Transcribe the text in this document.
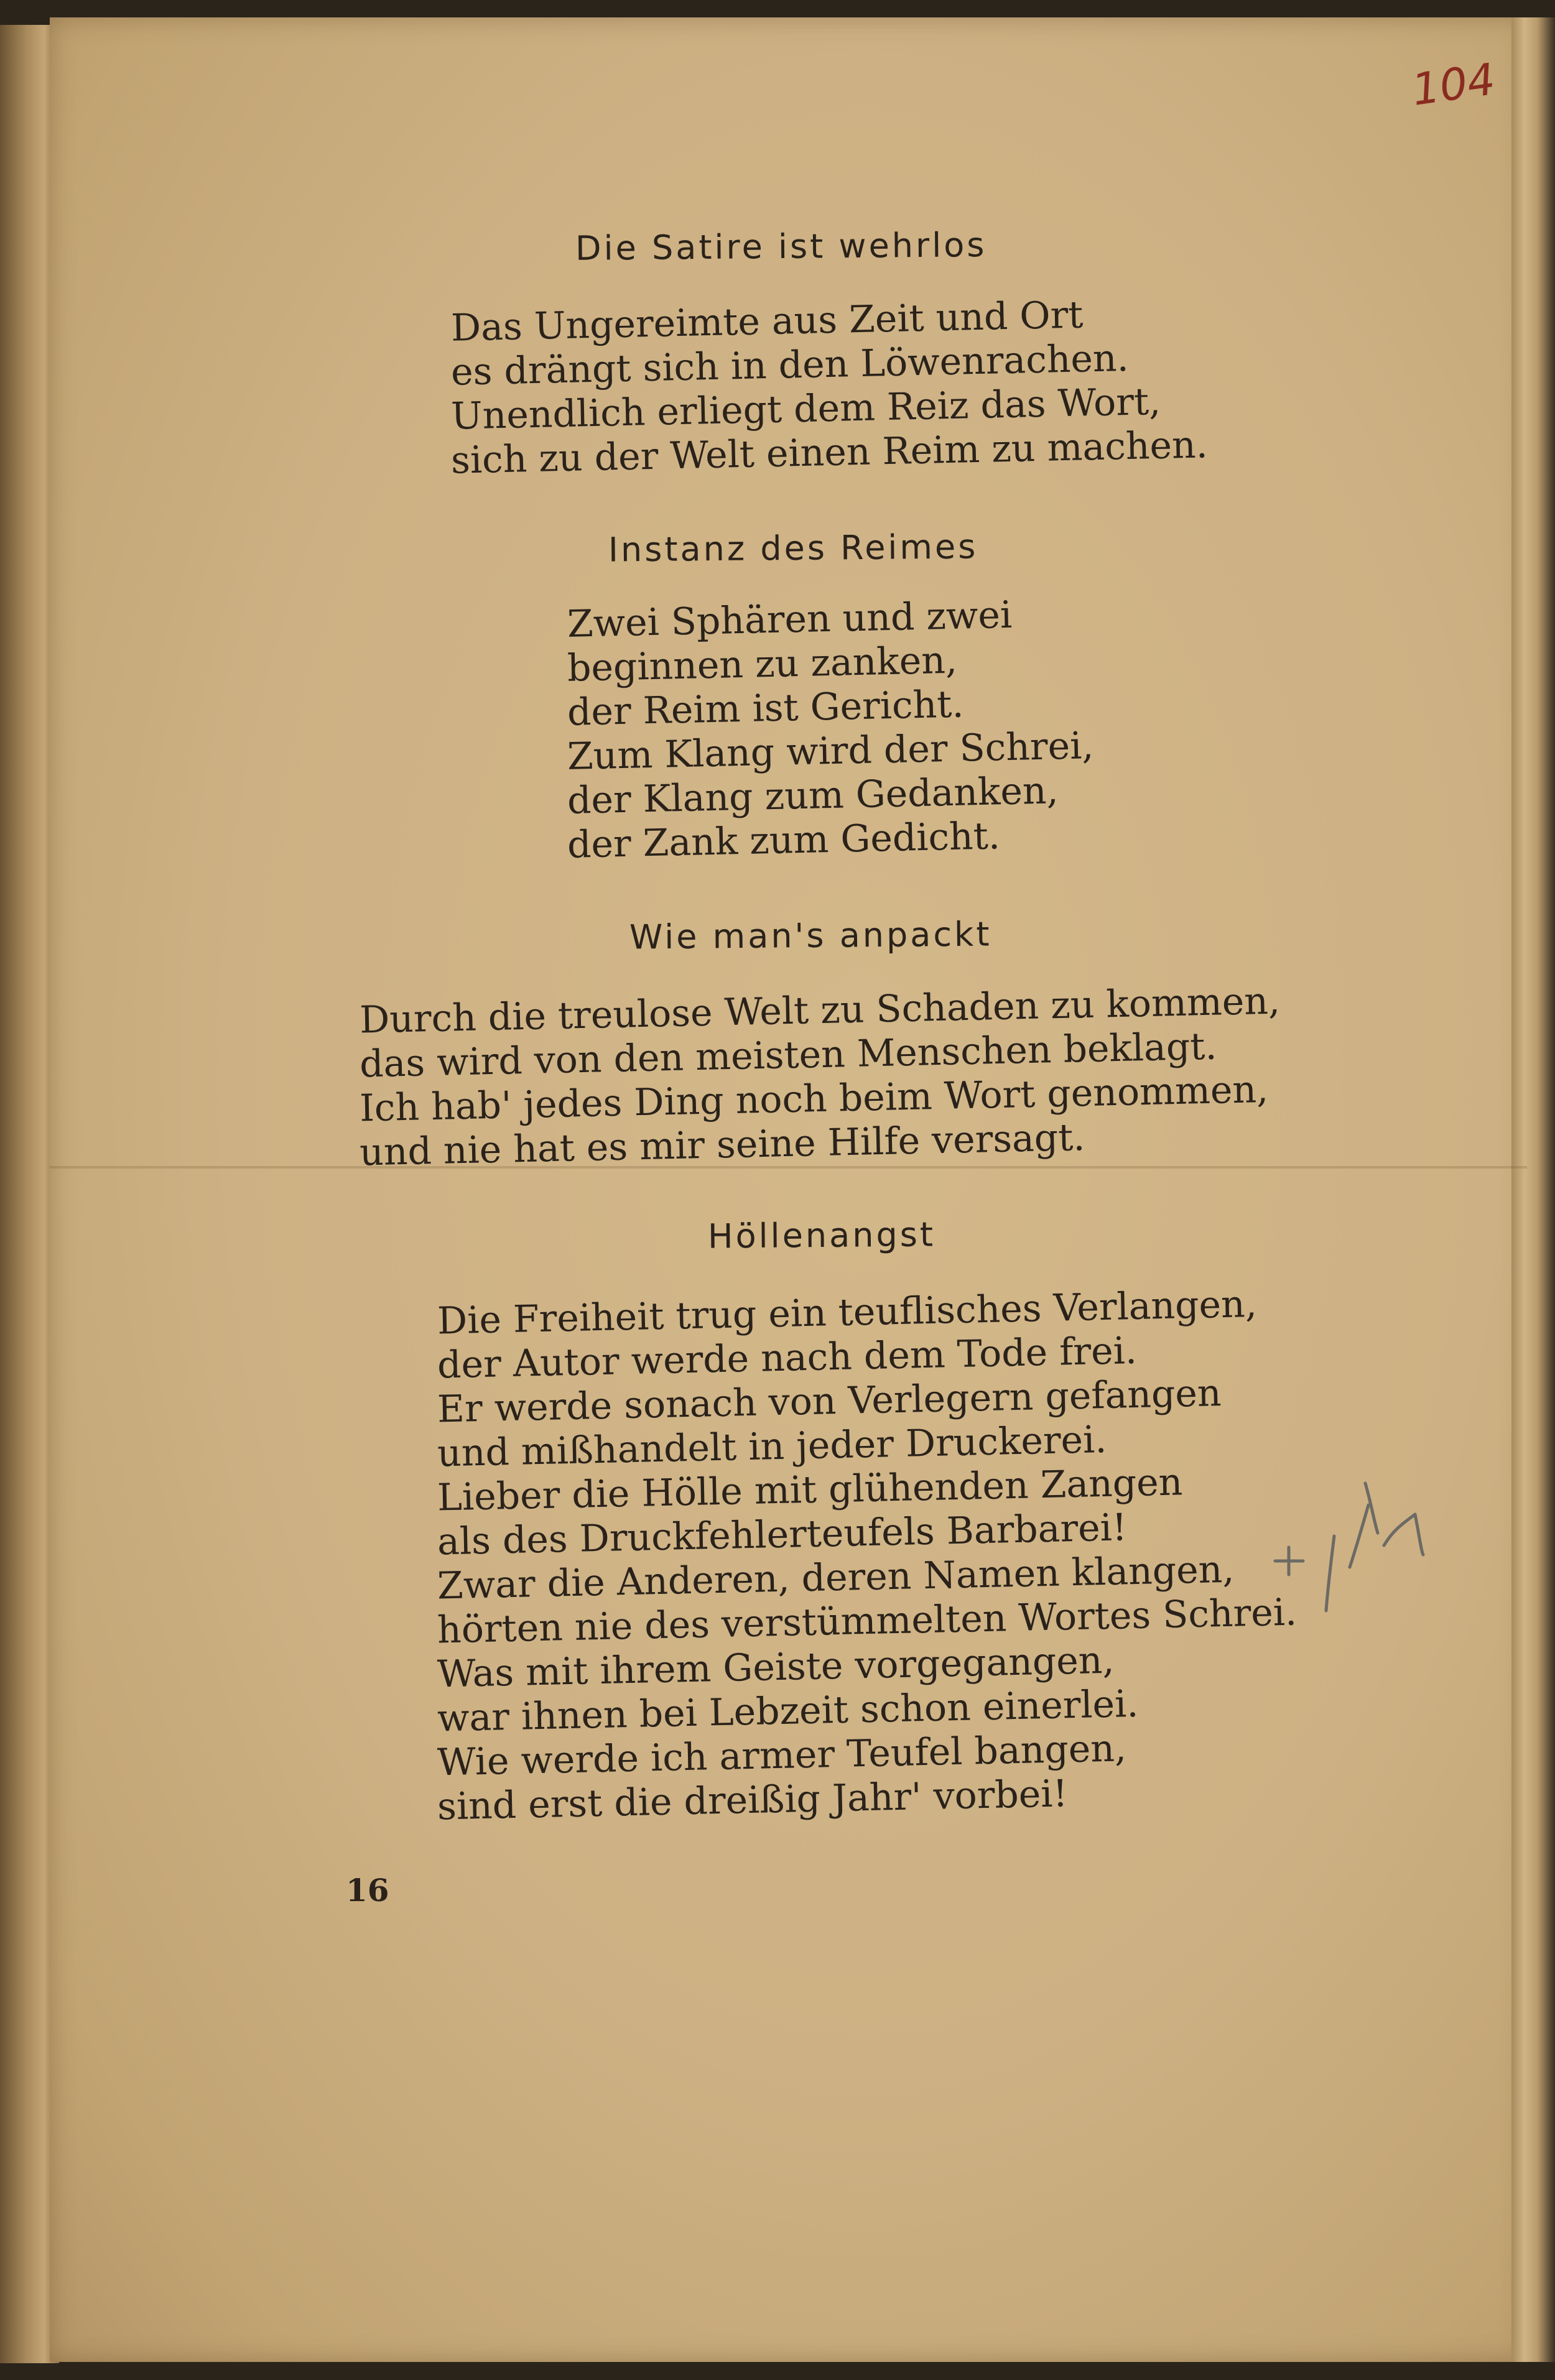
104
Die Satire ist wehrlos
Das Ungereimte aus Zeit und Ort
es drängt sich in den Löwenrachen.
Unendlich erliegt dem Reiz das Wort,
sich zu der Welt einen Reim zu machen.
Instanz des Reimes
Zwei Sphären und zwei
beginnen zu zanken,
der Reim ist Gericht.
Zum Klang wird der Schrei,
der Klang zum Gedanken,
der Zank zum Gedicht.
Wie man's anpackt
Durch die treulose Welt zu Schaden zu kommen,
das wird von den meisten Menschen beklagt.
Ich hab' jedes Ding noch beim Wort genommen,
und nie hat es mir seine Hilfe versagt.
Höllenangst
Die Freiheit trug ein teuflisches Verlangen,
der Autor werde nach dem Tode frei.
Er werde sonach von Verlegern gefangen
und mißhandelt in jeder Druckerei.
Lieber die Hölle mit glühenden Zangen
als des Druckfehlerteufels Barbarei!
Zwar die Anderen, deren Namen klangen,
hörten nie des verstümmelten Wortes Schrei.
Was mit ihrem Geiste vorgegangen,
war ihnen bei Lebzeit schon einerlei.
Wie werde ich armer Teufel bangen,
sind erst die dreißig Jahr' vorbei!
16
